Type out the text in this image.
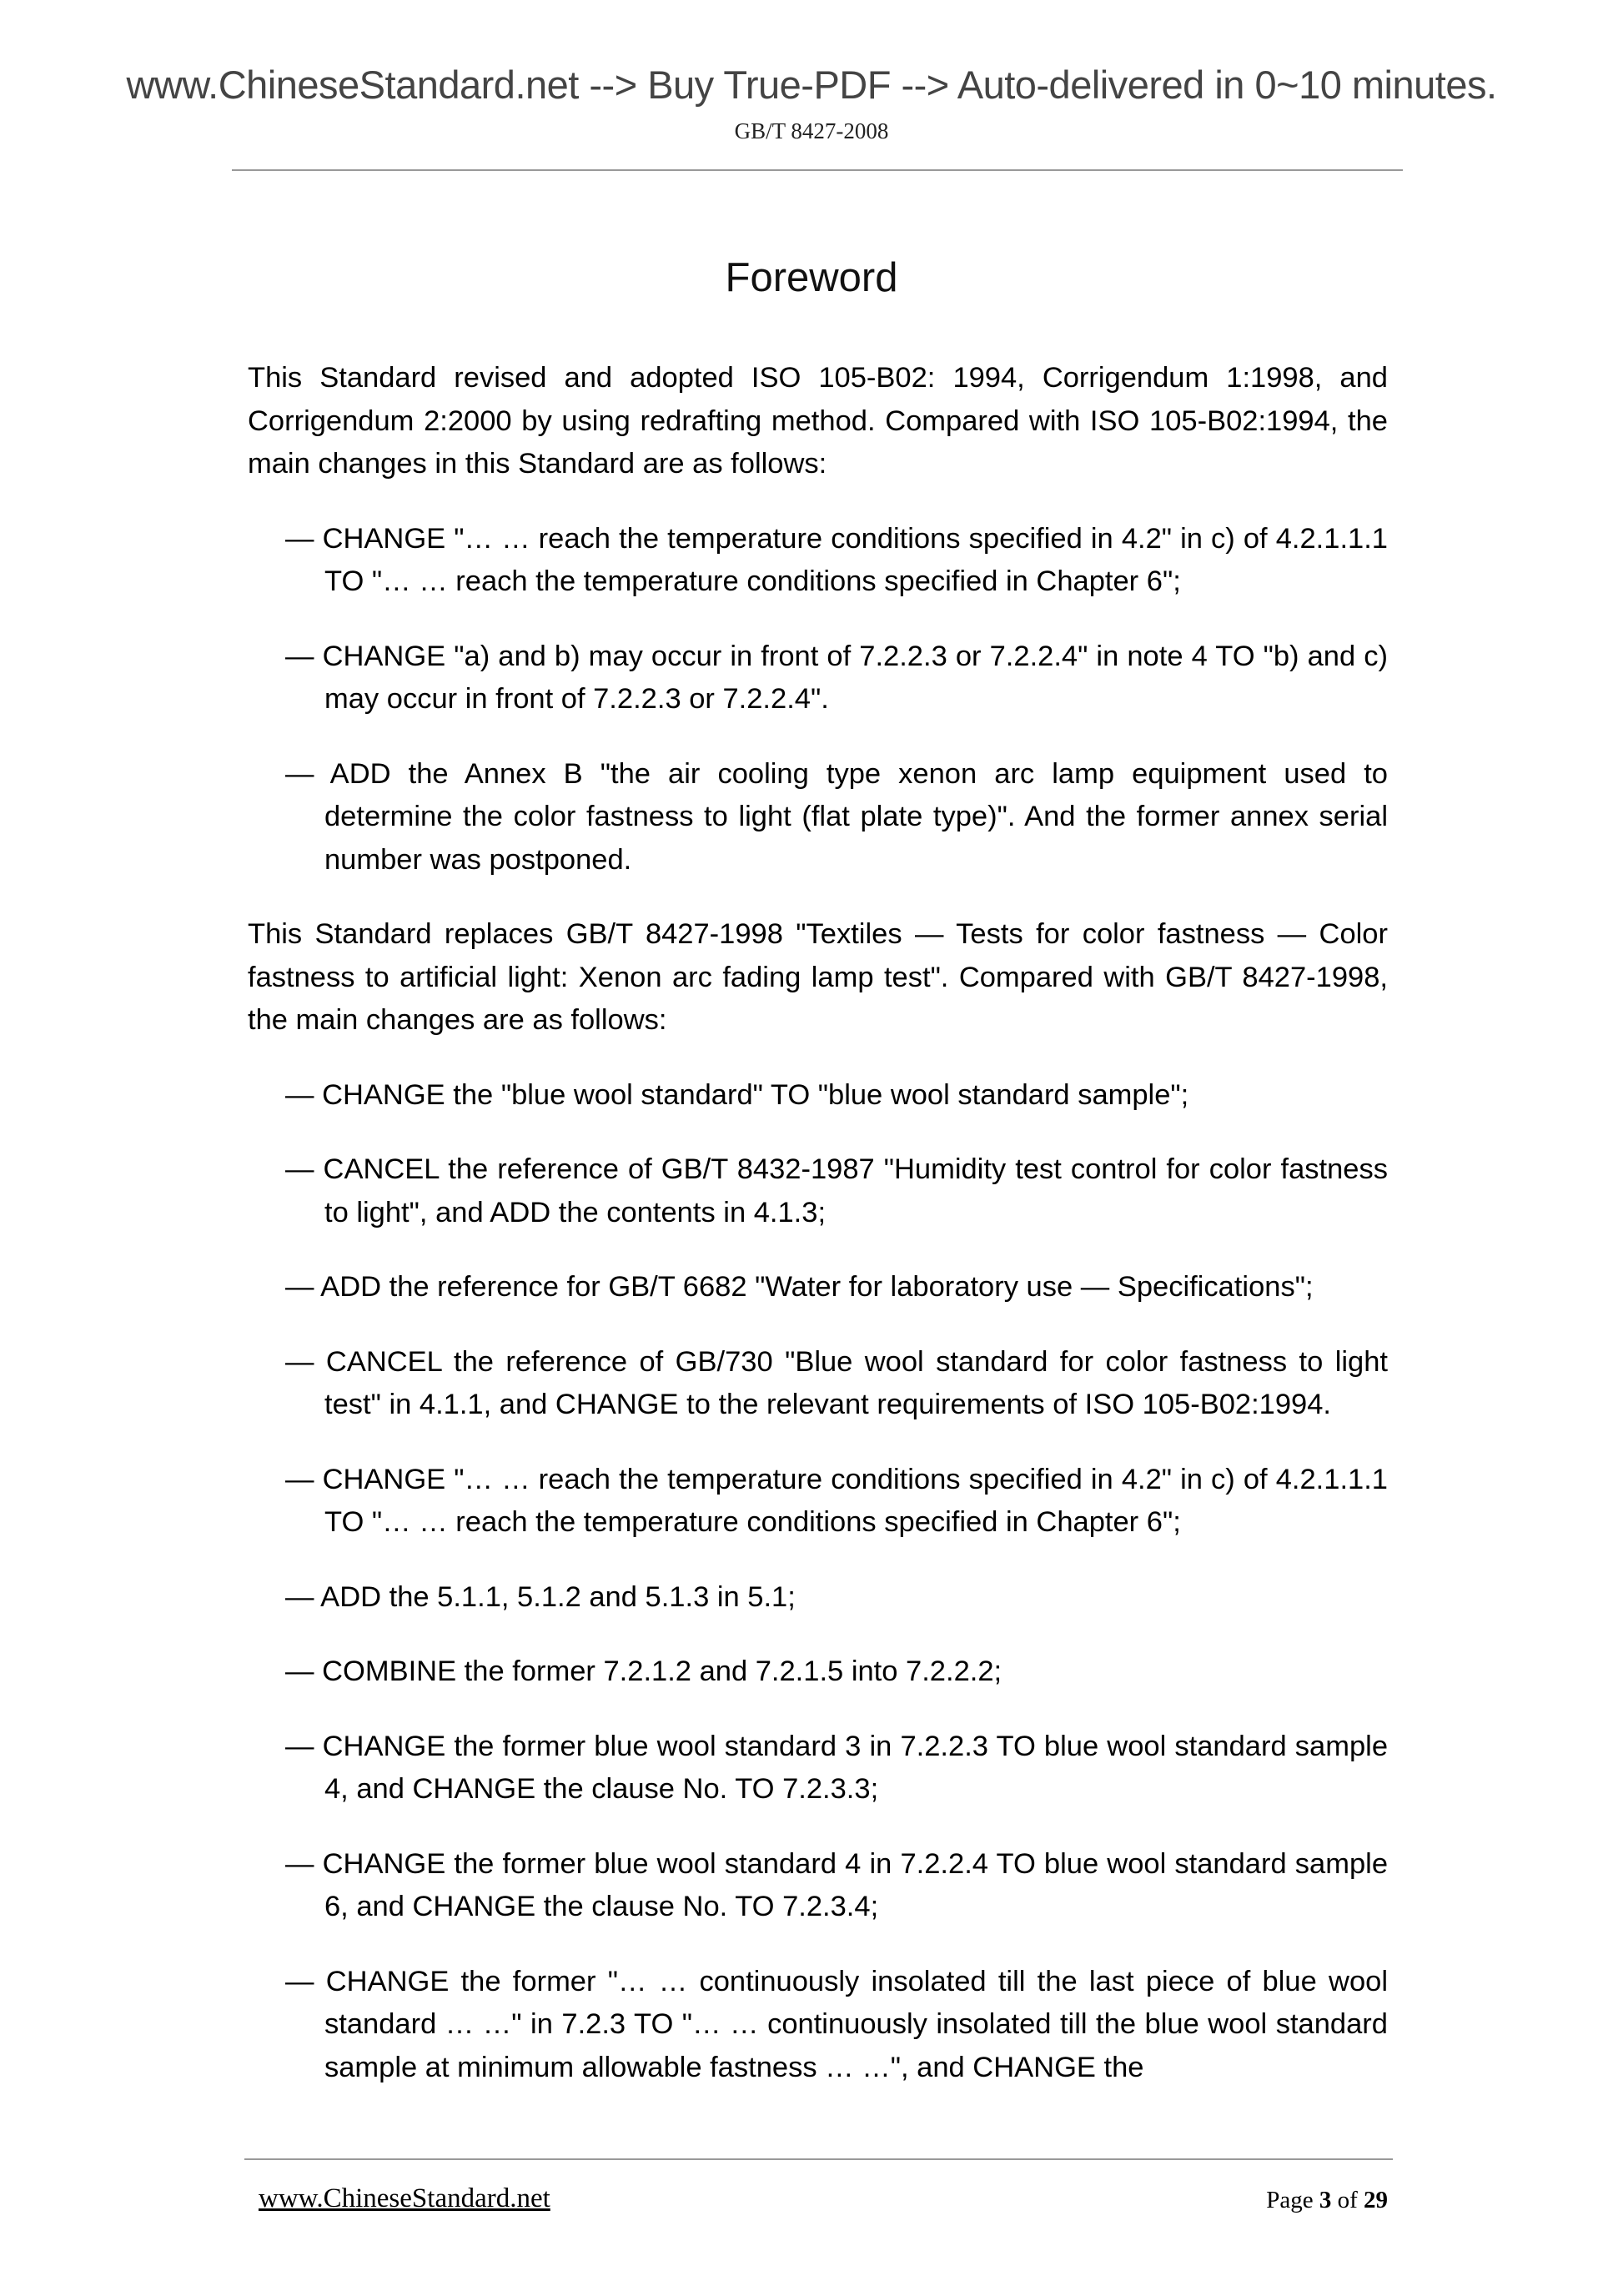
www.ChineseStandard.net --> Buy True-PDF --> Auto-delivered in 0~10 minutes.
GB/T 8427-2008
Foreword

This Standard revised and adopted ISO 105-B02: 1994, Corrigendum 1:1998, and Corrigendum 2:2000 by using redrafting method. Compared with ISO 105-B02:1994, the main changes in this Standard are as follows:

— CHANGE "… … reach the temperature conditions specified in 4.2" in c) of 4.2.1.1.1 TO "… … reach the temperature conditions specified in Chapter 6";

— CHANGE "a) and b) may occur in front of 7.2.2.3 or 7.2.2.4" in note 4 TO "b) and c) may occur in front of 7.2.2.3 or 7.2.2.4".

— ADD the Annex B "the air cooling type xenon arc lamp equipment used to determine the color fastness to light (flat plate type)". And the former annex serial number was postponed.

This Standard replaces GB/T 8427-1998 "Textiles — Tests for color fastness — Color fastness to artificial light: Xenon arc fading lamp test". Compared with GB/T 8427-1998, the main changes are as follows:

— CHANGE the "blue wool standard" TO "blue wool standard sample";

— CANCEL the reference of GB/T 8432-1987 "Humidity test control for color fastness to light", and ADD the contents in 4.1.3;

— ADD the reference for GB/T 6682 "Water for laboratory use — Specifications";

— CANCEL the reference of GB/730 "Blue wool standard for color fastness to light test" in 4.1.1, and CHANGE to the relevant requirements of ISO 105-B02:1994.

— CHANGE "… … reach the temperature conditions specified in 4.2" in c) of 4.2.1.1.1 TO "… … reach the temperature conditions specified in Chapter 6";

— ADD the 5.1.1, 5.1.2 and 5.1.3 in 5.1;

— COMBINE the former 7.2.1.2 and 7.2.1.5 into 7.2.2.2;

— CHANGE the former blue wool standard 3 in 7.2.2.3 TO blue wool standard sample 4, and CHANGE the clause No. TO 7.2.3.3;

— CHANGE the former blue wool standard 4 in 7.2.2.4 TO blue wool standard sample 6, and CHANGE the clause No. TO 7.2.3.4;

— CHANGE the former "… … continuously insolated till the last piece of blue wool standard … …" in 7.2.3 TO "… … continuously insolated till the blue wool standard sample at minimum allowable fastness … …", and CHANGE the

www.ChineseStandard.net	Page 3 of 29
